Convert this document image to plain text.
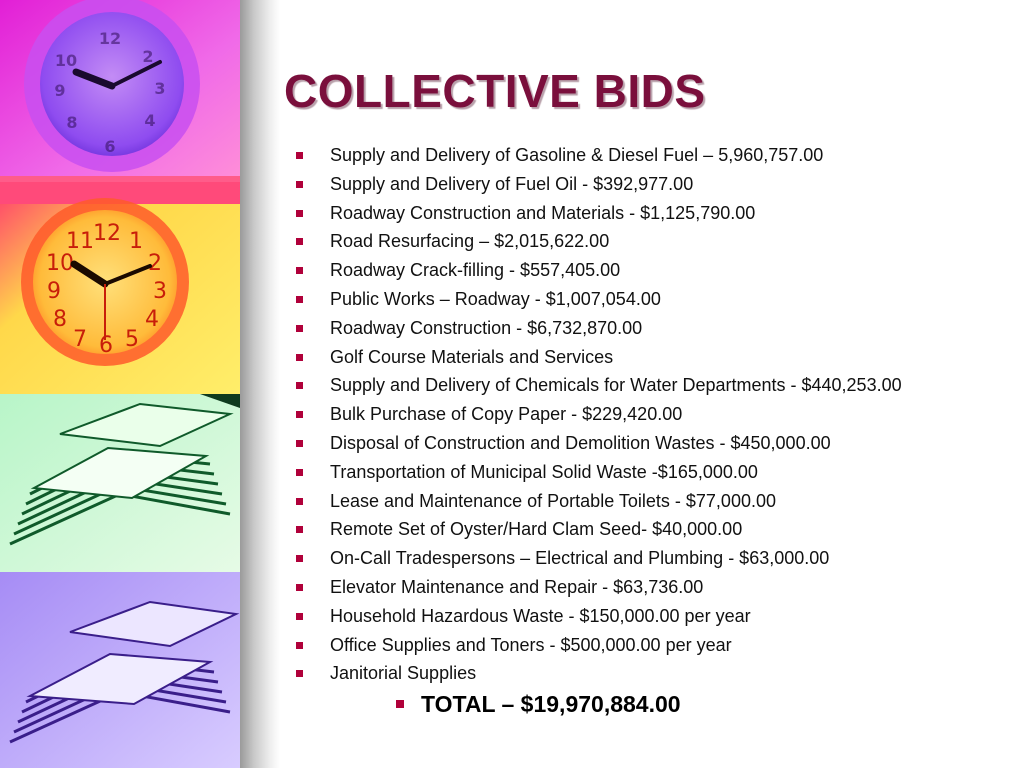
12
2
3
4
6
8
9
10
12 1
2
3
4
5
6
7
8
9
10
11
COLLECTIVE BIDS
Supply and Delivery of Gasoline & Diesel Fuel – 5,960,757.00
Supply and Delivery of Fuel Oil - $392,977.00
Roadway Construction and Materials - $1,125,790.00
Road Resurfacing – $2,015,622.00
Roadway Crack-filling - $557,405.00
Public Works – Roadway - $1,007,054.00
Roadway Construction - $6,732,870.00
Golf Course Materials and Services
Supply and Delivery of Chemicals for Water Departments - $440,253.00
Bulk Purchase of Copy Paper - $229,420.00
Disposal of Construction and Demolition Wastes - $450,000.00
Transportation of Municipal Solid Waste -$165,000.00
Lease and Maintenance of Portable Toilets - $77,000.00
Remote Set of Oyster/Hard Clam Seed- $40,000.00
On-Call Tradespersons – Electrical and Plumbing - $63,000.00
Elevator Maintenance and Repair - $63,736.00
Household Hazardous Waste - $150,000.00 per year
Office Supplies and Toners - $500,000.00 per year
Janitorial Supplies
TOTAL – $19,970,884.00
